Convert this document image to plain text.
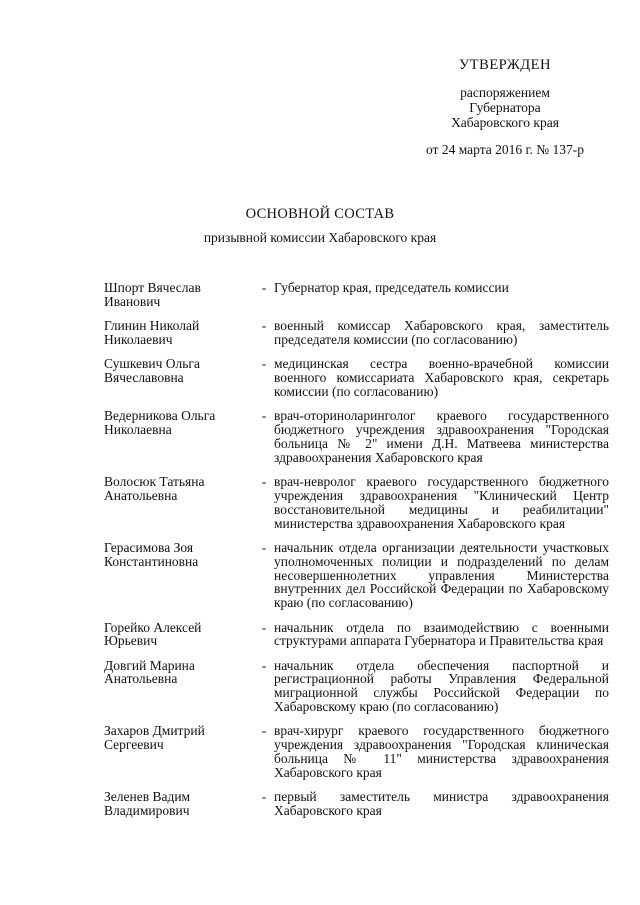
УТВЕРЖДЕН
распоряжением
Губернатора
Хабаровского края
от 24 марта 2016 г. № 137-р
ОСНОВНОЙ СОСТАВ
призывной комиссии Хабаровского края
Шпорт Вячеслав
Иванович
- Губернатор края, председатель комиссии
Глинин Николай
Николаевич
- военный комиссар Хабаровского края, заместитель председателя комиссии (по согласованию)
Сушкевич Ольга
Вячеславовна
- медицинская сестра военно-врачебной комиссии военного комиссариата Хабаровского края, секретарь комиссии (по согласованию)
Ведерникова Ольга
Николаевна
- врач-оториноларинголог краевого государственного бюджетного учреждения здравоохранения "Городская больница № 2" имени Д.Н. Матвеева министерства здравоохранения Хабаровского края
Волосюк Татьяна
Анатольевна
- врач-невролог краевого государственного бюджетного учреждения здравоохранения "Клинический Центр восстановительной медицины и реабилитации" министерства здравоохранения Хабаровского края
Герасимова Зоя
Константиновна
- начальник отдела организации деятельности участковых уполномоченных полиции и подразделений по делам несовершеннолетних управления Министерства внутренних дел Российской Федерации по Хабаровскому краю (по согласованию)
Горейко Алексей
Юрьевич
- начальник отдела по взаимодействию с военными структурами аппарата Губернатора и Правительства края
Довгий Марина
Анатольевна
- начальник отдела обеспечения паспортной и регистрационной работы Управления Федеральной миграционной службы Российской Федерации по Хабаровскому краю (по согласованию)
Захаров Дмитрий
Сергеевич
- врач-хирург краевого государственного бюджетного учреждения здравоохранения "Городская клиническая больница № 11" министерства здравоохранения Хабаровского края
Зеленев Вадим
Владимирович
- первый заместитель министра здравоохранения Хабаровского края
